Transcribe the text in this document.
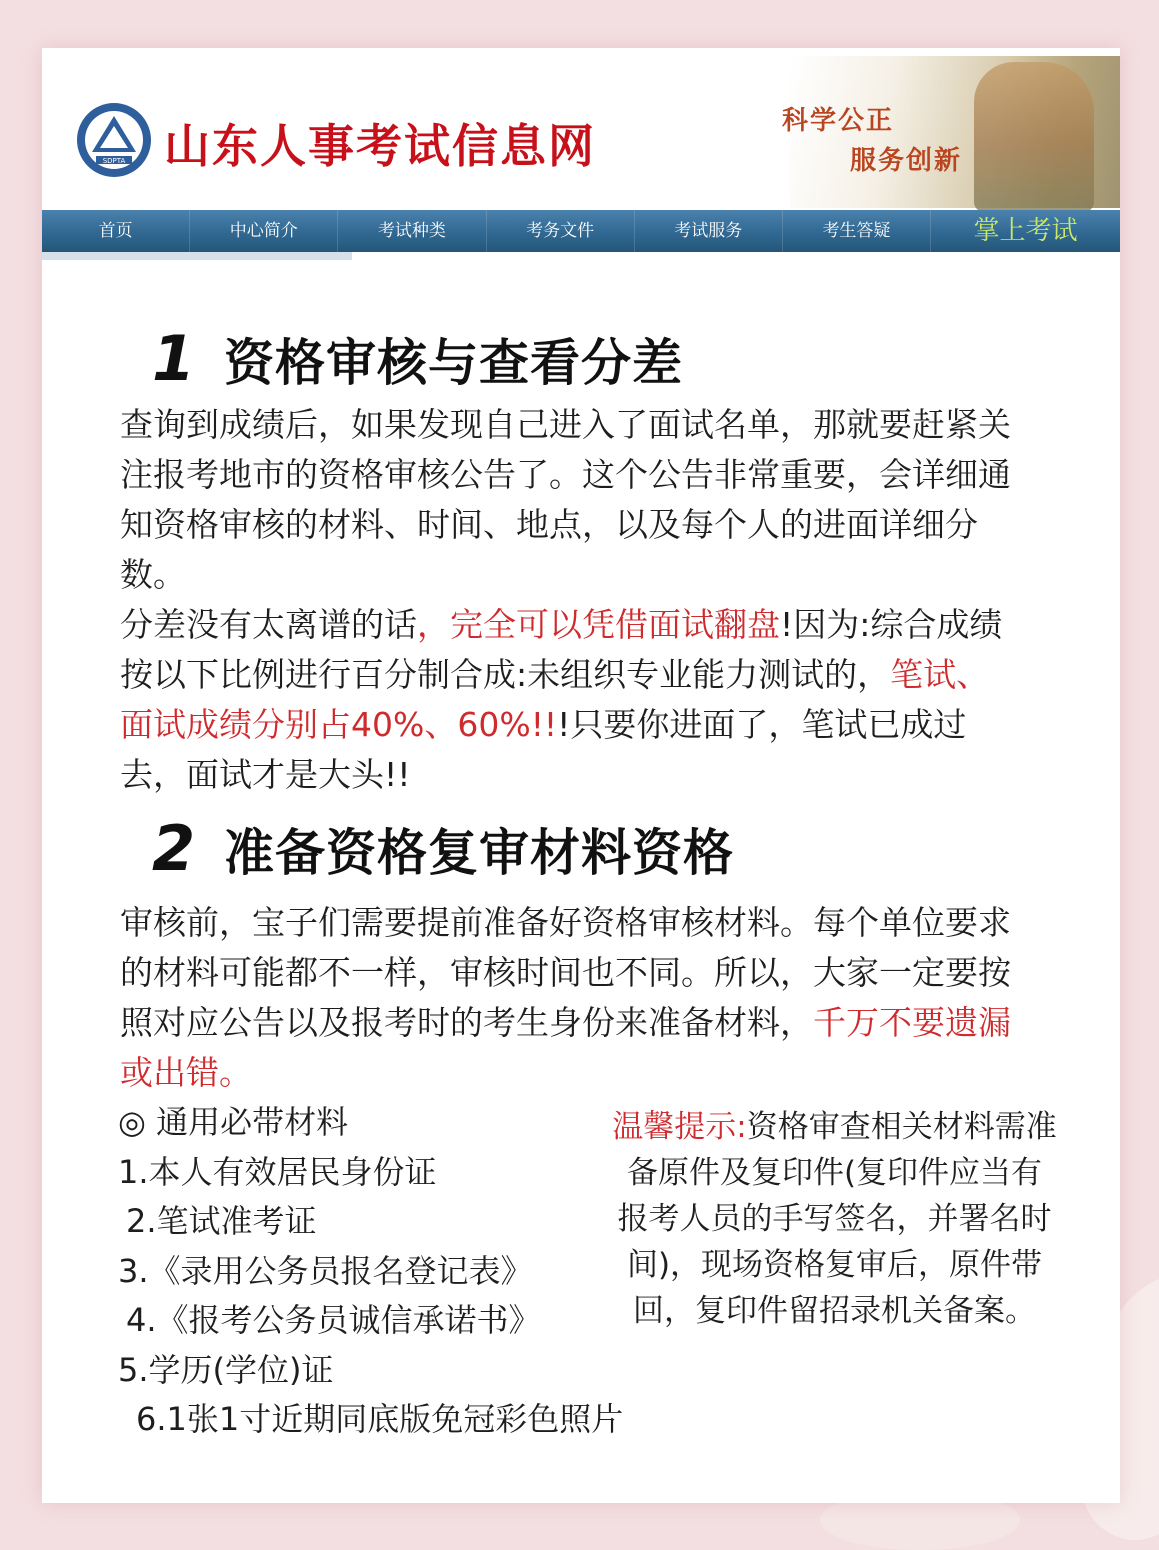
SDPTA 山东人事考试信息网	科学公正
服务创新
首页	中心简介	考试种类	考务文件	考试服务	考生答疑	掌上考试
1 资格审核与查看分差
查询到成绩后，如果发现自己进入了面试名单，那就要赶紧关注报考地市的资格审核公告了。这个公告非常重要，会详细通知资格审核的材料、时间、地点，以及每个人的进面详细分数。
分差没有太离谱的话，完全可以凭借面试翻盘!因为:综合成绩按以下比例进行百分制合成:未组织专业能力测试的，笔试、面试成绩分别占40%、60%!!!只要你进面了，笔试已成过去，面试才是大头!!
2 准备资格复审材料资格
审核前，宝子们需要提前准备好资格审核材料。每个单位要求的材料可能都不一样，审核时间也不同。所以，大家一定要按照对应公告以及报考时的考生身份来准备材料，千万不要遗漏或出错。
◎ 通用必带材料
1.本人有效居民身份证
2.笔试准考证
3.《录用公务员报名登记表》
4.《报考公务员诚信承诺书》
5.学历(学位)证
6.1张1寸近期同底版免冠彩色照片
温馨提示:资格审查相关材料需准备原件及复印件(复印件应当有报考人员的手写签名，并署名时间)，现场资格复审后，原件带回，复印件留招录机关备案。
